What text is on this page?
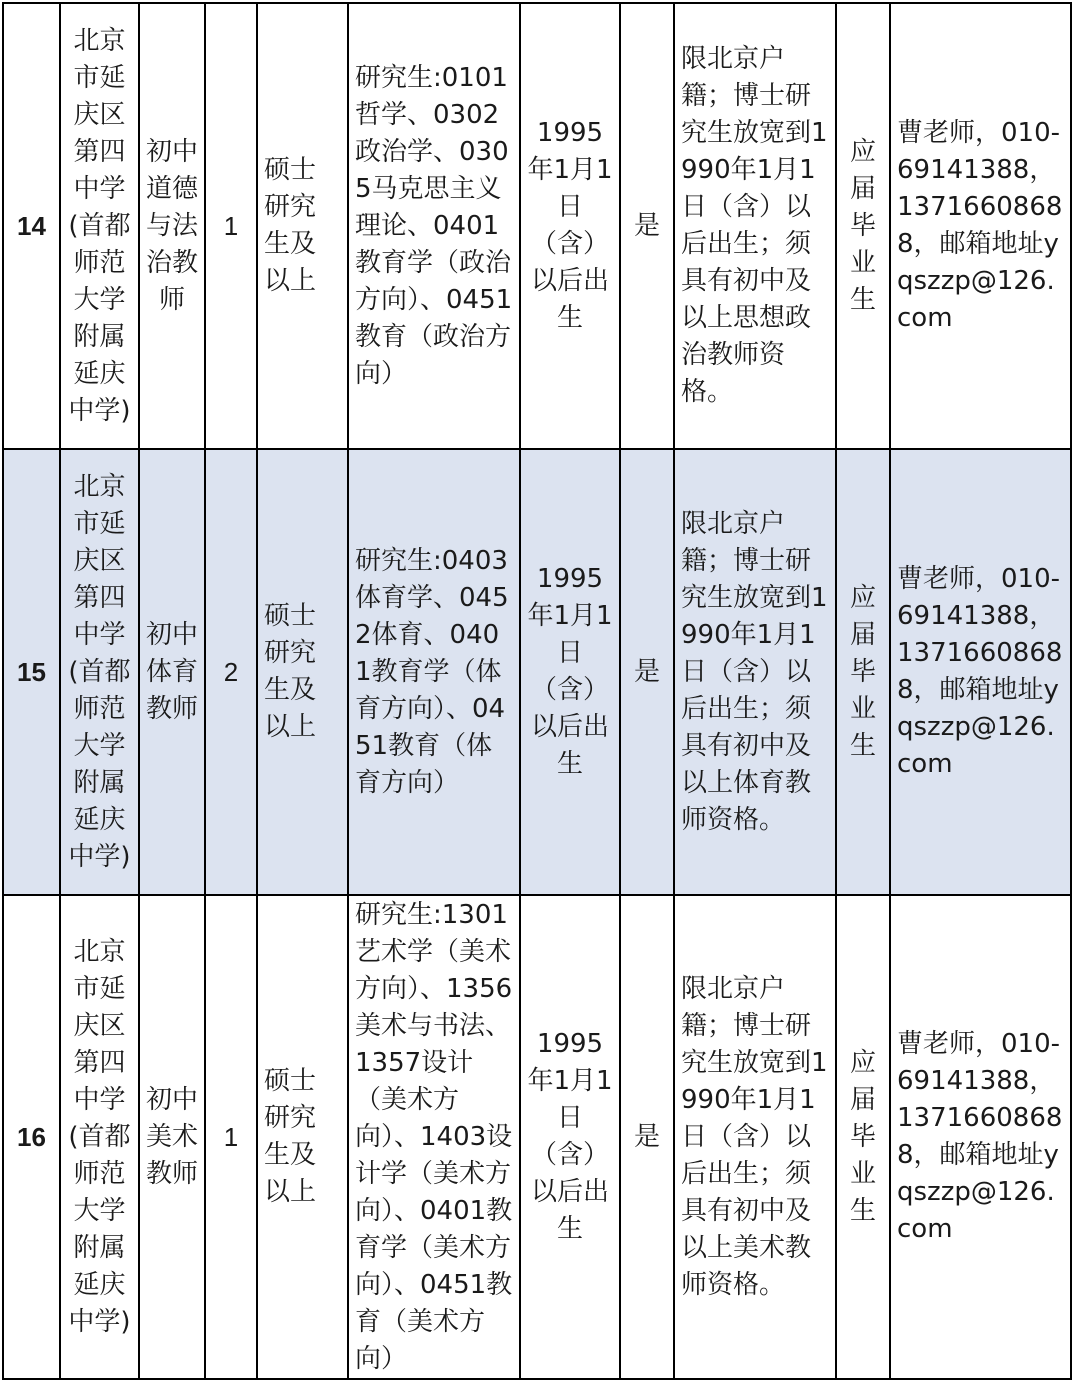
14	北京市延庆区第四中学(首都师范大学附属延庆中学)	初中道德与法治教师	1	硕士研究生及以上	研究生:0101哲学、0302政治学、0305马克思主义理论、0401教育学（政治方向）、0451教育（政治方向）	1995年1月1日（含）以后出生	是	限北京户籍；博士研究生放宽到1990年1月1日（含）以后出生；须具有初中及以上思想政治教师资格。	应届毕业生	曹老师，010-69141388，13716608688，邮箱地址yqszzp@126.com
15	北京市延庆区第四中学(首都师范大学附属延庆中学)	初中体育教师	2	硕士研究生及以上	研究生:0403体育学、0452体育、0401教育学（体育方向）、0451教育（体育方向）	1995年1月1日（含）以后出生	是	限北京户籍；博士研究生放宽到1990年1月1日（含）以后出生；须具有初中及以上体育教师资格。	应届毕业生	曹老师，010-69141388，13716608688，邮箱地址yqszzp@126.com
16	北京市延庆区第四中学(首都师范大学附属延庆中学)	初中美术教师	1	硕士研究生及以上	研究生:1301艺术学（美术方向）、1356美术与书法、1357设计（美术方向）、1403设计学（美术方向）、0401教育学（美术方向）、0451教育（美术方向）	1995年1月1日（含）以后出生	是	限北京户籍；博士研究生放宽到1990年1月1日（含）以后出生；须具有初中及以上美术教师资格。	应届毕业生	曹老师，010-69141388，13716608688，邮箱地址yqszzp@126.com
